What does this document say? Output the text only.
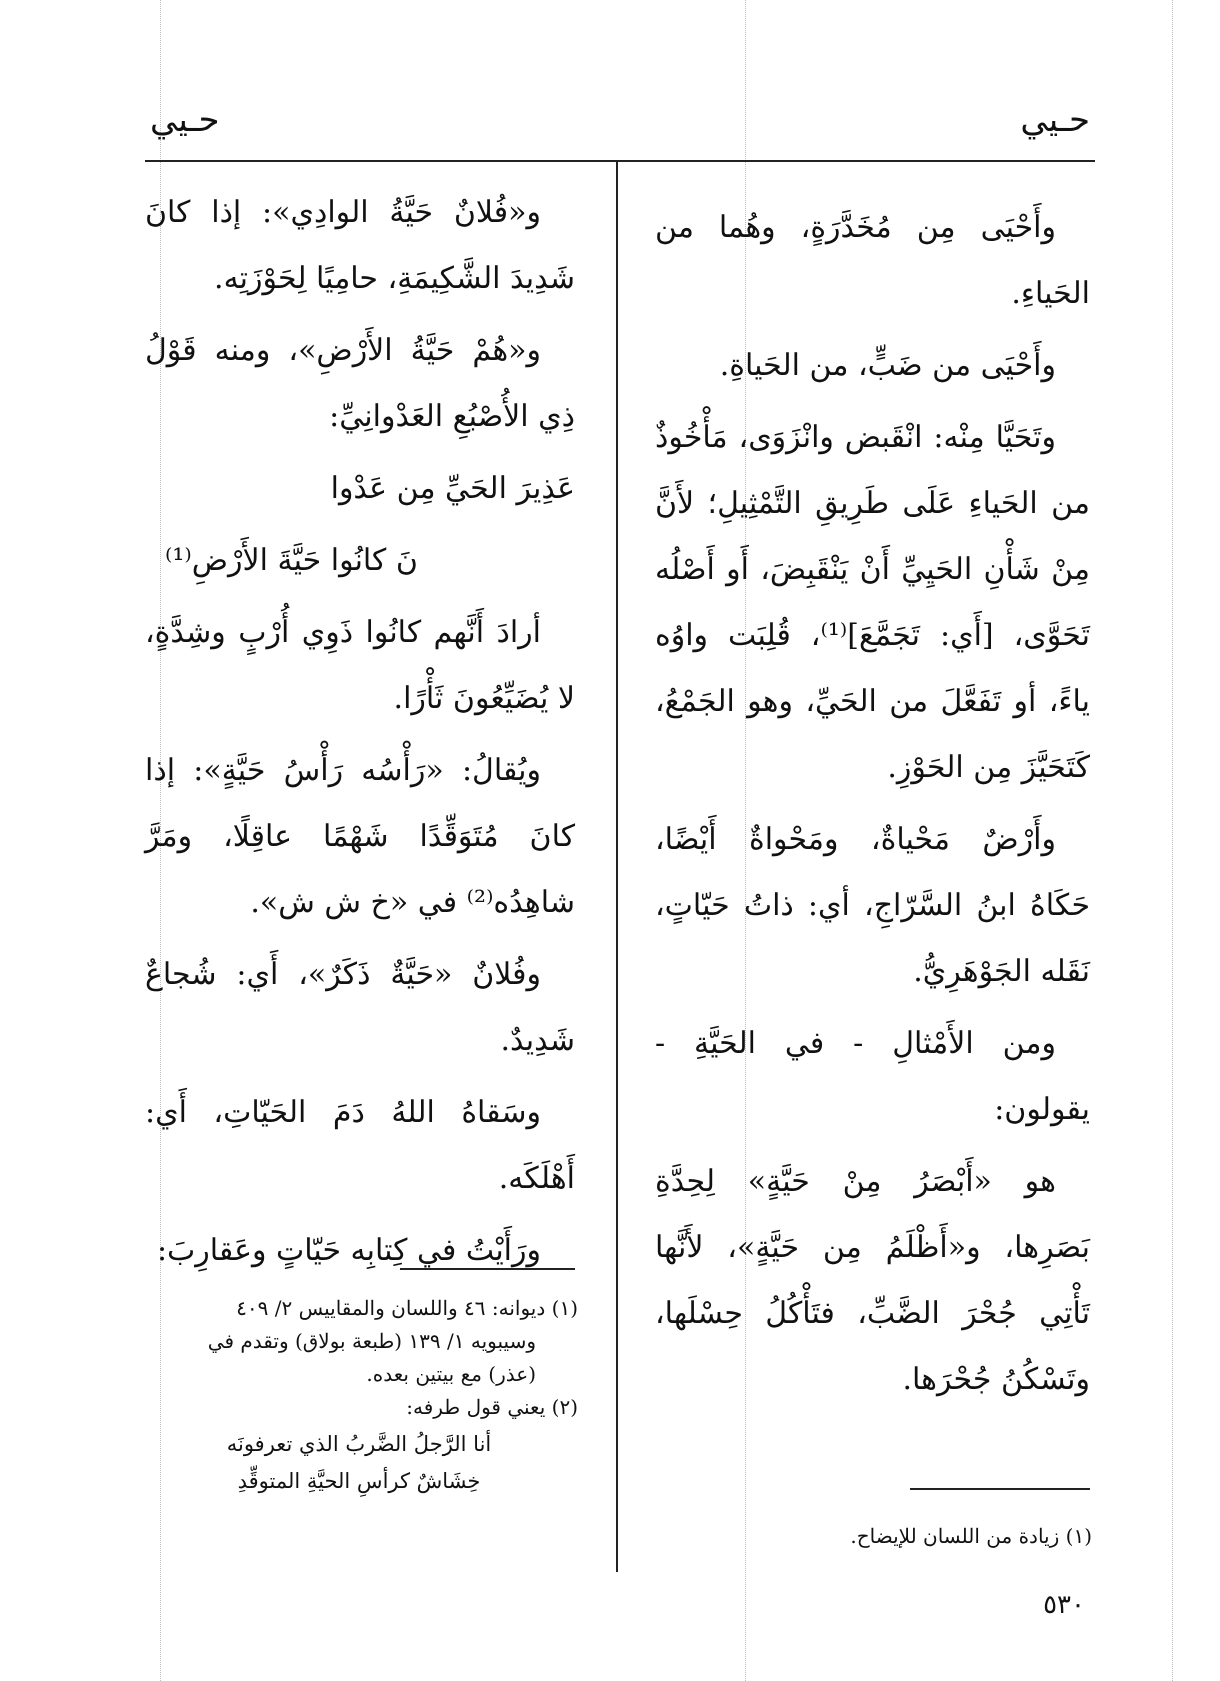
حـيي	حـيي

وأَحْيَى مِن مُخَدَّرَةٍ، وهُما من الحَياءِ.

وأَحْيَى من ضَبٍّ، من الحَياةِ.

وتَحَيَّا مِنْه: انْقَبض وانْزَوَى، مَأْخُوذٌ من الحَياءِ عَلَى طَرِيقِ التَّمْثِيلِ؛ لأَنَّ مِنْ شَأْنِ الحَيِيِّ أَنْ يَنْقَبِضَ، أَو أَصْلُه تَحَوَّى، [أَي: تَجَمَّعَ]⁽¹⁾، قُلِبَت واوُه ياءً، أو تَفَعَّلَ من الحَيِّ، وهو الجَمْعُ، كَتَحَيَّزَ مِن الحَوْزِ.

وأَرْضٌ مَحْياةٌ، ومَحْواةٌ أَيْضًا، حَكَاهُ ابنُ السَّرّاجِ، أي: ذاتُ حَيّاتٍ، نَقَله الجَوْهَرِيُّ.

ومن الأَمْثالِ - في الحَيَّةِ - يقولون:

هو «أَبْصَرُ مِنْ حَيَّةٍ» لِحِدَّةِ بَصَرِها، و«أَظْلَمُ مِن حَيَّةٍ»، لأَنَّها تَأْتِي جُحْرَ الضَّبِّ، فتَأْكُلُ حِسْلَها، وتَسْكُنُ جُحْرَها.

و«فُلانٌ حَيَّةُ الوادِي»: إذا كانَ شَدِيدَ الشَّكِيمَةِ، حامِيًا لِحَوْزَتِه.

و«هُمْ حَيَّةُ الأَرْضِ»، ومنه قَوْلُ ذِي الأُصْبُعِ العَدْوانِيِّ:

عَذِيرَ الحَيِّ مِن عَدْوا

نَ كانُوا حَيَّةَ الأَرْضِ⁽¹⁾

أرادَ أَنَّهم كانُوا ذَوِي أُرْبٍ وشِدَّةٍ، لا يُضَيِّعُونَ ثَأْرًا.

ويُقالُ: «رَأْسُه رَأْسُ حَيَّةٍ»: إذا كانَ مُتَوَقِّدًا شَهْمًا عاقِلًا، ومَرَّ شاهِدُه⁽²⁾ في «خ ش ش».

وفُلانٌ «حَيَّةٌ ذَكَرٌ»، أَي: شُجاعٌ شَدِيدٌ.

وسَقاهُ اللهُ دَمَ الحَيّاتِ، أَي: أَهْلَكَه.

ورَأَيْتُ في كِتابِه حَيّاتٍ وعَقارِبَ:

(١) ديوانه: ٤٦ واللسان والمقاييس ٢/ ٤٠٩

وسيبويه ١/ ١٣٩ (طبعة بولاق) وتقدم في

(عذر) مع بيتين بعده.

(٢) يعني قول طرفه:

أنا الرَّجلُ الضَّربُ الذي تعرفونَه

خِشَاشٌ كرأسِ الحيَّةِ المتوقِّدِ

(١) زيادة من اللسان للإيضاح.

٥٣٠
